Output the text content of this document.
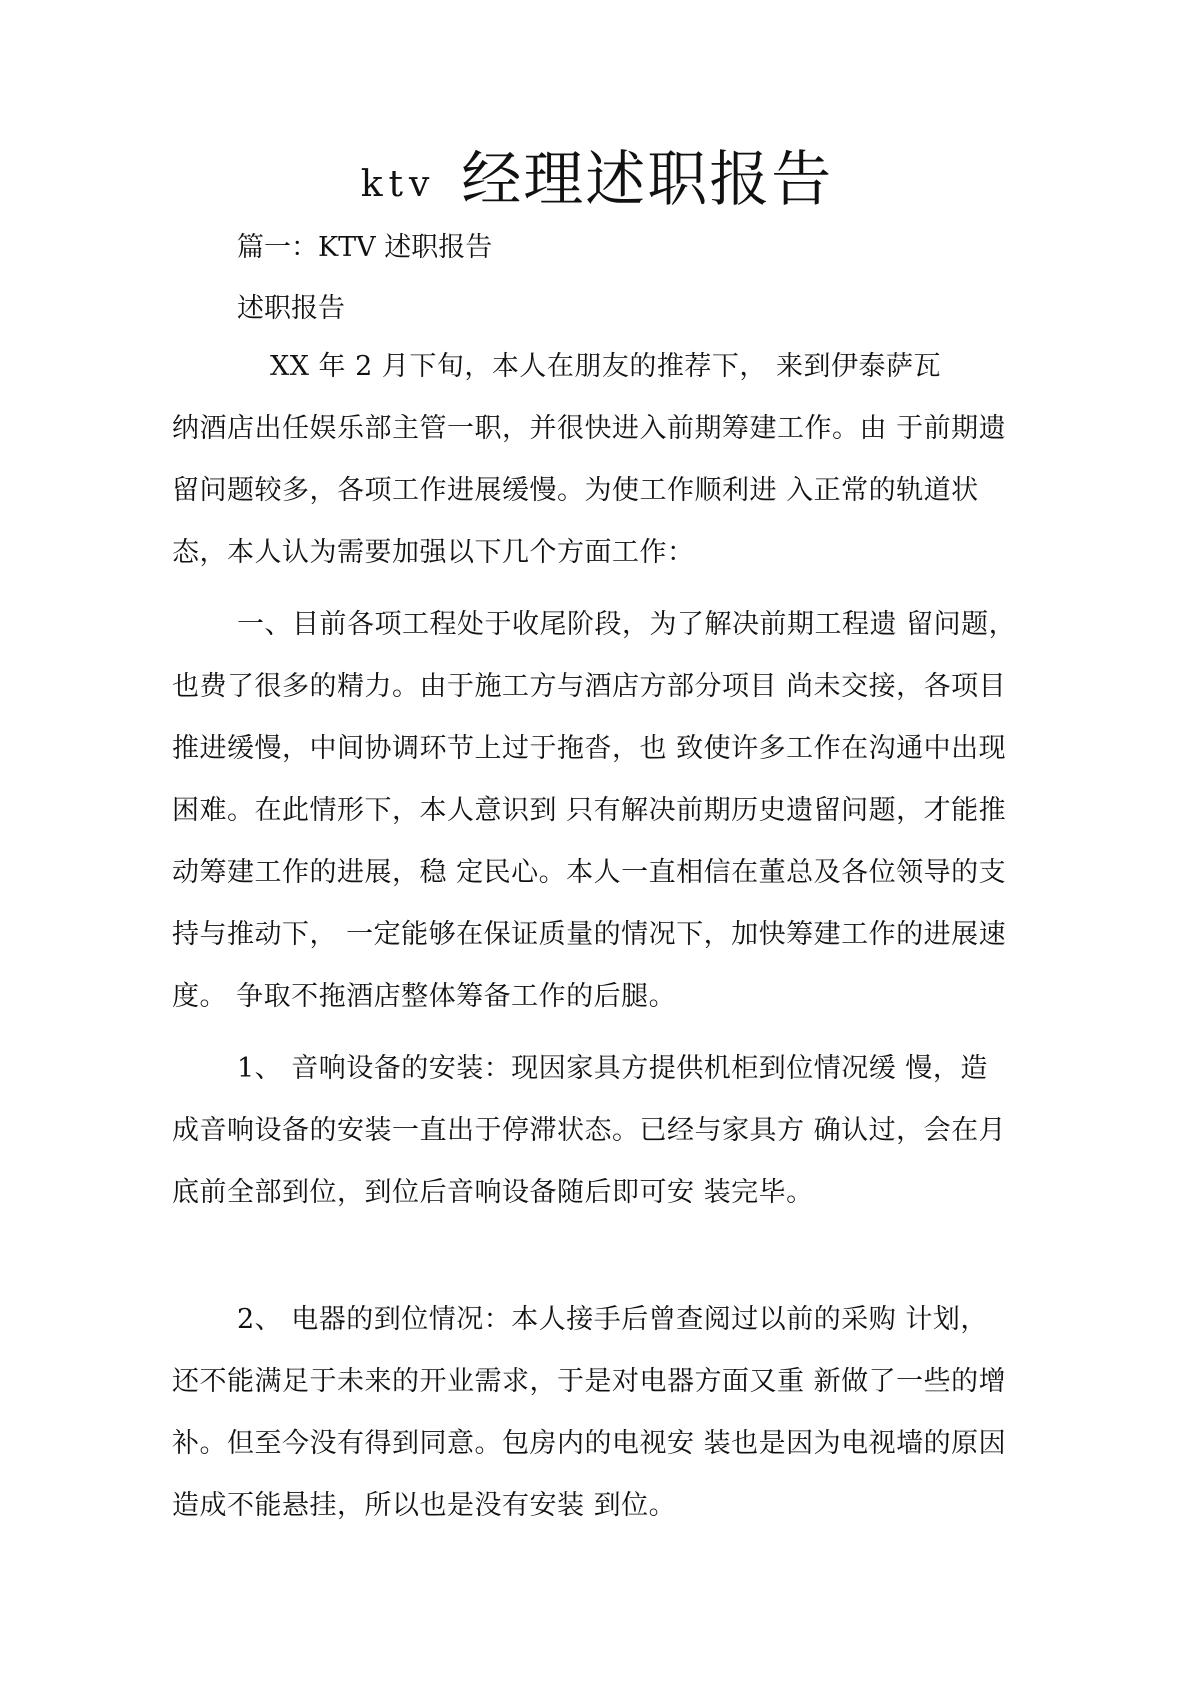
ktv 经理述职报告
篇一：KTV 述职报告
述职报告
XX 年 2 月下旬，本人在朋友的推荐下， 来到伊泰萨瓦
纳酒店出任娱乐部主管一职，并很快进入前期筹建工作。由 于前期遗
留问题较多，各项工作进展缓慢。为使工作顺利进 入正常的轨道状
态，本人认为需要加强以下几个方面工作：
一、目前各项工程处于收尾阶段，为了解决前期工程遗 留问题，
也费了很多的精力。由于施工方与酒店方部分项目 尚未交接，各项目
推进缓慢，中间协调环节上过于拖沓，也 致使许多工作在沟通中出现
困难。在此情形下，本人意识到 只有解决前期历史遗留问题，才能推
动筹建工作的进展，稳 定民心。本人一直相信在董总及各位领导的支
持与推动下， 一定能够在保证质量的情况下，加快筹建工作的进展速
度。 争取不拖酒店整体筹备工作的后腿。
1、 音响设备的安装：现因家具方提供机柜到位情况缓 慢，造
成音响设备的安装一直出于停滞状态。已经与家具方 确认过，会在月
底前全部到位，到位后音响设备随后即可安 装完毕。
2、 电器的到位情况：本人接手后曾查阅过以前的采购 计划，
还不能满足于未来的开业需求，于是对电器方面又重 新做了一些的增
补。但至今没有得到同意。包房内的电视安 装也是因为电视墙的原因
造成不能悬挂，所以也是没有安装 到位。
